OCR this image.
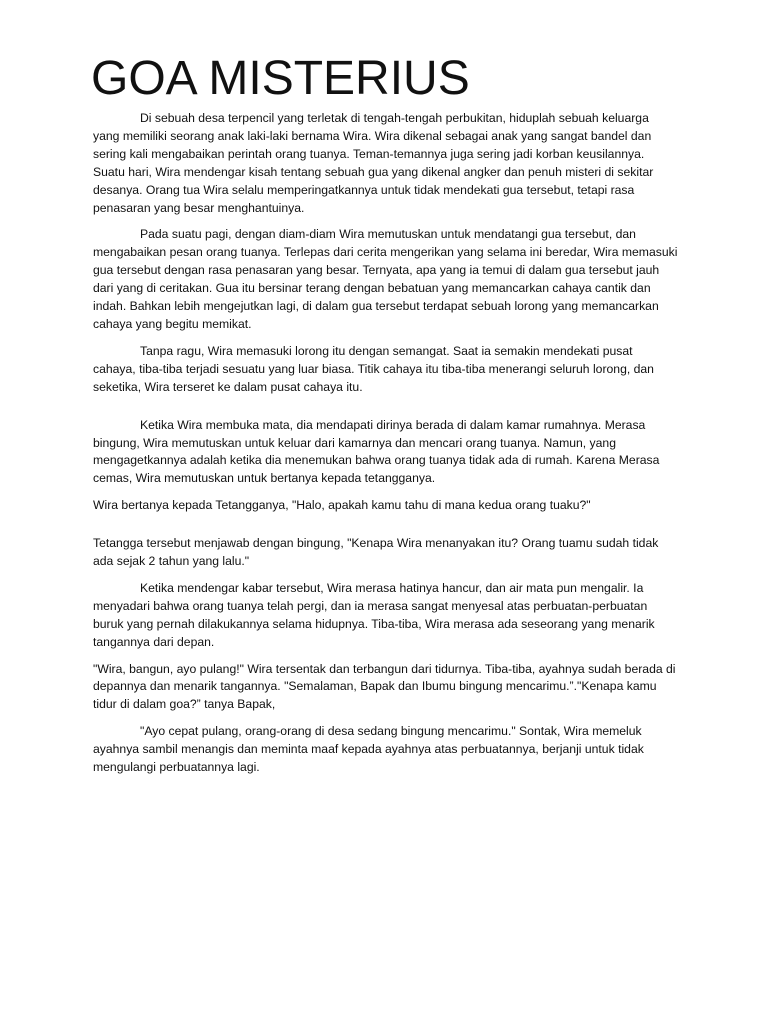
GOA MISTERIUS

Di sebuah desa terpencil yang terletak di tengah-tengah perbukitan, hiduplah sebuah keluarga yang memiliki seorang anak laki-laki bernama Wira. Wira dikenal sebagai anak yang sangat bandel dan sering kali mengabaikan perintah orang tuanya. Teman-temannya juga sering jadi korban keusilannya. Suatu hari, Wira mendengar kisah tentang sebuah gua yang dikenal angker dan penuh misteri di sekitar desanya. Orang tua Wira selalu memperingatkannya untuk tidak mendekati gua tersebut, tetapi rasa penasaran yang besar menghantuinya.

Pada suatu pagi, dengan diam-diam Wira memutuskan untuk mendatangi gua tersebut, dan mengabaikan pesan orang tuanya. Terlepas dari cerita mengerikan yang selama ini beredar, Wira memasuki gua tersebut dengan rasa penasaran yang besar. Ternyata, apa yang ia temui di dalam gua tersebut jauh dari yang di ceritakan. Gua itu bersinar terang dengan bebatuan yang memancarkan cahaya cantik dan indah. Bahkan lebih mengejutkan lagi, di dalam gua tersebut terdapat sebuah lorong yang memancarkan cahaya yang begitu memikat.

Tanpa ragu, Wira memasuki lorong itu dengan semangat. Saat ia semakin mendekati pusat cahaya, tiba-tiba terjadi sesuatu yang luar biasa. Titik cahaya itu tiba-tiba menerangi seluruh lorong, dan seketika, Wira terseret ke dalam pusat cahaya itu.

Ketika Wira membuka mata, dia mendapati dirinya berada di dalam kamar rumahnya. Merasa bingung, Wira memutuskan untuk keluar dari kamarnya dan mencari orang tuanya. Namun, yang mengagetkannya adalah ketika dia menemukan bahwa orang tuanya tidak ada di rumah. Karena Merasa cemas, Wira memutuskan untuk bertanya kepada tetangganya.

Wira bertanya kepada Tetangganya, "Halo, apakah kamu tahu di mana kedua orang tuaku?"

Tetangga tersebut menjawab dengan bingung, "Kenapa Wira menanyakan itu? Orang tuamu sudah tidak ada sejak 2 tahun yang lalu."

Ketika mendengar kabar tersebut, Wira merasa hatinya hancur, dan air mata pun mengalir. Ia menyadari bahwa orang tuanya telah pergi, dan ia merasa sangat menyesal atas perbuatan-perbuatan buruk yang pernah dilakukannya selama hidupnya. Tiba-tiba, Wira merasa ada seseorang yang menarik tangannya dari depan.

"Wira, bangun, ayo pulang!" Wira tersentak dan terbangun dari tidurnya. Tiba-tiba, ayahnya sudah berada di depannya dan menarik tangannya. "Semalaman, Bapak dan Ibumu bingung mencarimu.”."Kenapa kamu tidur di dalam goa?” tanya Bapak,

"Ayo cepat pulang, orang-orang di desa sedang bingung mencarimu." Sontak, Wira memeluk ayahnya sambil menangis dan meminta maaf kepada ayahnya atas perbuatannya, berjanji untuk tidak mengulangi perbuatannya lagi.
